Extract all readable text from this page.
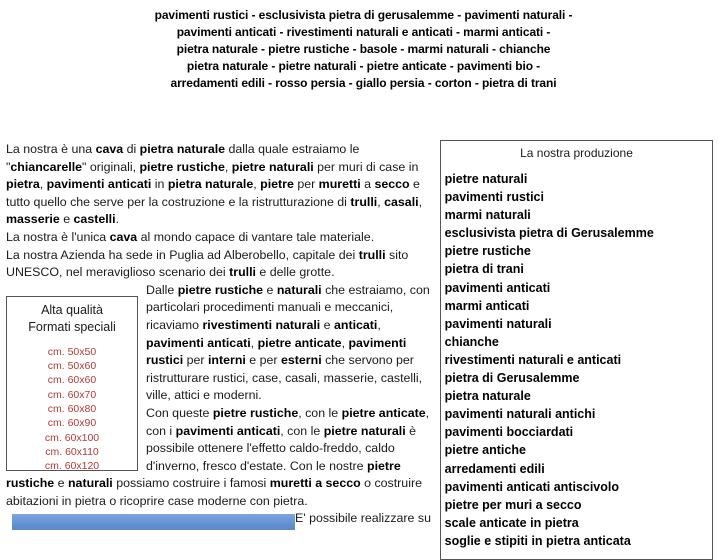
pavimenti rustici - esclusivista pietra di gerusalemme - pavimenti naturali -
pavimenti anticati - rivestimenti naturali e anticati - marmi anticati -
pietra naturale - pietre rustiche - basole - marmi naturali - chianche
pietra naturale - pietre naturali - pietre anticate - pavimenti bio -
arredamenti edili - rosso persia - giallo persia - corton - pietra di trani
La nostra produzione
- pietre naturali
- pavimenti rustici
- marmi naturali
- esclusivista pietra di Gerusalemme
- pietre rustiche
- pietra di trani
- pavimenti anticati
- marmi anticati
- pavimenti naturali
- chianche
- rivestimenti naturali e anticati
- pietra di Gerusalemme
- pietra naturale
- pavimenti naturali antichi
- pavimenti bocciardati
- pietre antiche
- arredamenti edili
- pavimenti anticati antiscivolo
- pietre per muri a secco
- scale anticate in pietra
- soglie e stipiti in pietra anticata

La nostra è una cava di pietra naturale dalla quale estraiamo le "chiancarelle" originali, pietre rustiche, pietre naturali per muri di case in pietra, pavimenti anticati in pietra naturale, pietre per muretti a secco e tutto quello che serve per la costruzione e la ristrutturazione di trulli, casali, masserie e castelli.

La nostra è l'unica cava al mondo capace di vantare tale materiale.

La nostra Azienda ha sede in Puglia ad Alberobello, capitale dei trulli sito UNESCO, nel meraviglioso scenario dei trulli e delle grotte.

Alta qualità
Formati speciali
cm. 50x50
cm. 50x60
cm. 60x60
cm. 60x70
cm. 60x80
cm. 60x90
cm. 60x100
cm. 60x110
cm. 60x120

Dalle pietre rustiche e naturali che estraiamo, con particolari procedimenti manuali e meccanici, ricaviamo rivestimenti naturali e anticati, pavimenti anticati, pietre anticate, pavimenti rustici per interni e per esterni che servono per ristrutturare rustici, case, casali, masserie, castelli, ville, attici e moderni.

Con queste pietre rustiche, con le pietre anticate, con i pavimenti anticati, con le pietre naturali è possibile ottenere l'effetto caldo-freddo, caldo d'inverno, fresco d'estate. Con le nostre pietre rustiche e naturali possiamo costruire i famosi muretti a secco o costruire abitazioni in pietra o ricoprire case moderne con pietra.

E' possibile realizzare su
